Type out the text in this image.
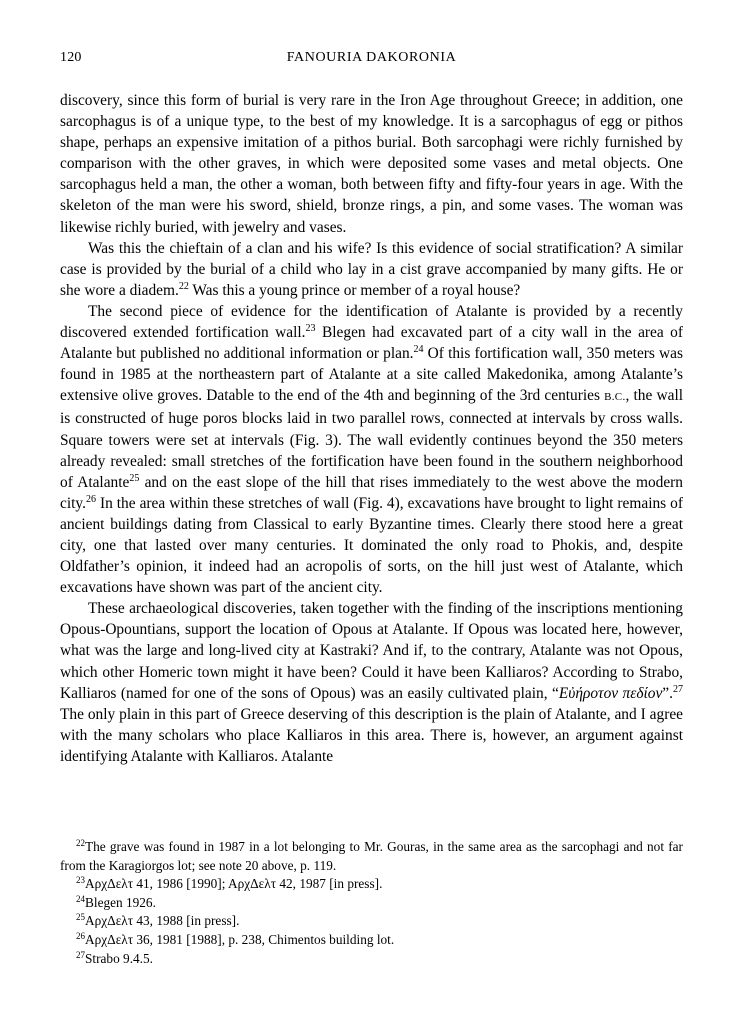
120	FANOURIA DAKORONIA

discovery, since this form of burial is very rare in the Iron Age throughout Greece; in addition, one sarcophagus is of a unique type, to the best of my knowledge. It is a sarcophagus of egg or pithos shape, perhaps an expensive imitation of a pithos burial. Both sarcophagi were richly furnished by comparison with the other graves, in which were deposited some vases and metal objects. One sarcophagus held a man, the other a woman, both between fifty and fifty-four years in age. With the skeleton of the man were his sword, shield, bronze rings, a pin, and some vases. The woman was likewise richly buried, with jewelry and vases.

Was this the chieftain of a clan and his wife? Is this evidence of social stratification? A similar case is provided by the burial of a child who lay in a cist grave accompanied by many gifts. He or she wore a diadem.$^{22}$ Was this a young prince or member of a royal house?

The second piece of evidence for the identification of Atalante is provided by a recently discovered extended fortification wall.$^{23}$ Blegen had excavated part of a city wall in the area of Atalante but published no additional information or plan.$^{24}$ Of this fortification wall, 350 meters was found in 1985 at the northeastern part of Atalante at a site called Makedonika, among Atalante’s extensive olive groves. Datable to the end of the 4th and beginning of the 3rd centuries B.C., the wall is constructed of huge poros blocks laid in two parallel rows, connected at intervals by cross walls. Square towers were set at intervals (Fig. 3). The wall evidently continues beyond the 350 meters already revealed: small stretches of the fortification have been found in the southern neighborhood of Atalante$^{25}$ and on the east slope of the hill that rises immediately to the west above the modern city.$^{26}$ In the area within these stretches of wall (Fig. 4), excavations have brought to light remains of ancient buildings dating from Classical to early Byzantine times. Clearly there stood here a great city, one that lasted over many centuries. It dominated the only road to Phokis, and, despite Oldfather’s opinion, it indeed had an acropolis of sorts, on the hill just west of Atalante, which excavations have shown was part of the ancient city.

These archaeological discoveries, taken together with the finding of the inscriptions mentioning Opous-Opountians, support the location of Opous at Atalante. If Opous was located here, however, what was the large and long-lived city at Kastraki? And if, to the contrary, Atalante was not Opous, which other Homeric town might it have been? Could it have been Kalliaros? According to Strabo, Kalliaros (named for one of the sons of Opous) was an easily cultivated plain, “Εὐήροτον πεδίον”.$^{27}$ The only plain in this part of Greece deserving of this description is the plain of Atalante, and I agree with the many scholars who place Kalliaros in this area. There is, however, an argument against identifying Atalante with Kalliaros. Atalante

$^{22}$The grave was found in 1987 in a lot belonging to Mr. Gouras, in the same area as the sarcophagi and not far from the Karagiorgos lot; see note 20 above, p. 119.

$^{23}$ΑρχΔελτ 41, 1986 [1990]; ΑρχΔελτ 42, 1987 [in press].

$^{24}$Blegen 1926.

$^{25}$ΑρχΔελτ 43, 1988 [in press].

$^{26}$ΑρχΔελτ 36, 1981 [1988], p. 238, Chimentos building lot.

$^{27}$Strabo 9.4.5.
